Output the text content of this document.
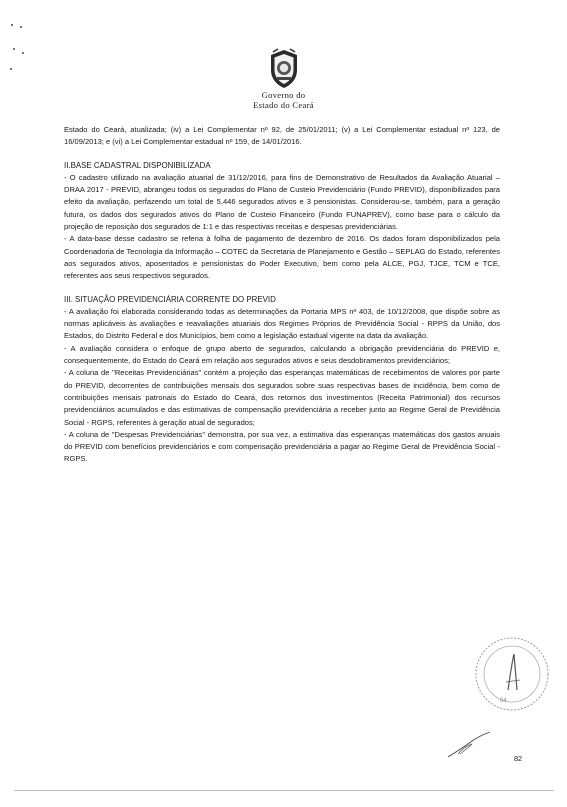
Governo do
Estado do Ceará

Estado do Ceará, atualizada; (iv) a Lei Complementar nº 92, de 25/01/2011; (v) a Lei Complementar estadual nº 123, de 16/09/2013; e (vi) a Lei Complementar estadual nº 159, de 14/01/2016.

II.BASE CADASTRAL DISPONIBILIZADA

- O cadastro utilizado na avaliação atuarial de 31/12/2016, para fins de Demonstrativo de Resultados da Avaliação Atuarial – DRAA 2017 - PREVID, abrangeu todos os segurados do Plano de Custeio Previdenciário (Fundo PREVID), disponibilizados para efeito da avaliação, perfazendo um total de 5.446 segurados ativos e 3 pensionistas. Considerou-se, também, para a geração futura, os dados dos segurados ativos do Plano de Custeio Financeiro (Fundo FUNAPREV), como base para o cálculo da projeção de reposição dos segurados de 1:1 e das respectivas receitas e despesas previdenciárias.

- A data-base desse cadastro se referia à folha de pagamento de dezembro de 2016. Os dados foram disponibilizados pela Coordenadoria de Tecnologia da Informação – COTEC da Secretaria de Planejamento e Gestão – SEPLAG do Estado, referentes aos segurados ativos, aposentados e pensionistas do Poder Executivo, bem como pela ALCE, PGJ, TJCE, TCM e TCE, referentes aos seus respectivos segurados.

III. SITUAÇÃO PREVIDENCIÁRIA CORRENTE DO PREVID

- A avaliação foi elaborada considerando todas as determinações da Portaria MPS nº 403, de 10/12/2008, que dispõe sobre as normas aplicáveis às avaliações e reavaliações atuariais dos Regimes Próprios de Previdência Social - RPPS da União, dos Estados, do Distrito Federal e dos Municípios, bem como a legislação estadual vigente na data da avaliação.

- A avaliação considera o enfoque de grupo aberto de segurados, calculando a obrigação previdenciária do PREVID e, consequentemente, do Estado do Ceará em relação aos segurados ativos e seus desdobramentos previdenciários;

- A coluna de "Receitas Previdenciárias" contém a projeção das esperanças matemáticas de recebimentos de valores por parte do PREVID, decorrentes de contribuições mensais dos segurados sobre suas respectivas bases de incidência, bem como de contribuições mensais patronais do Estado do Ceará, dos retornos dos investimentos (Receita Patrimonial) dos recursos previdenciários acumulados e das estimativas de compensação previdenciária a receber junto ao Regime Geral de Previdência Social - RGPS, referentes à geração atual de segurados;

- A coluna de "Despesas Previdenciárias" demonstra, por sua vez, a estimativa das esperanças matemáticas dos gastos anuais do PREVID com benefícios previdenciários e com compensação previdenciária a pagar ao Regime Geral de Previdência Social - RGPS.

04
82
